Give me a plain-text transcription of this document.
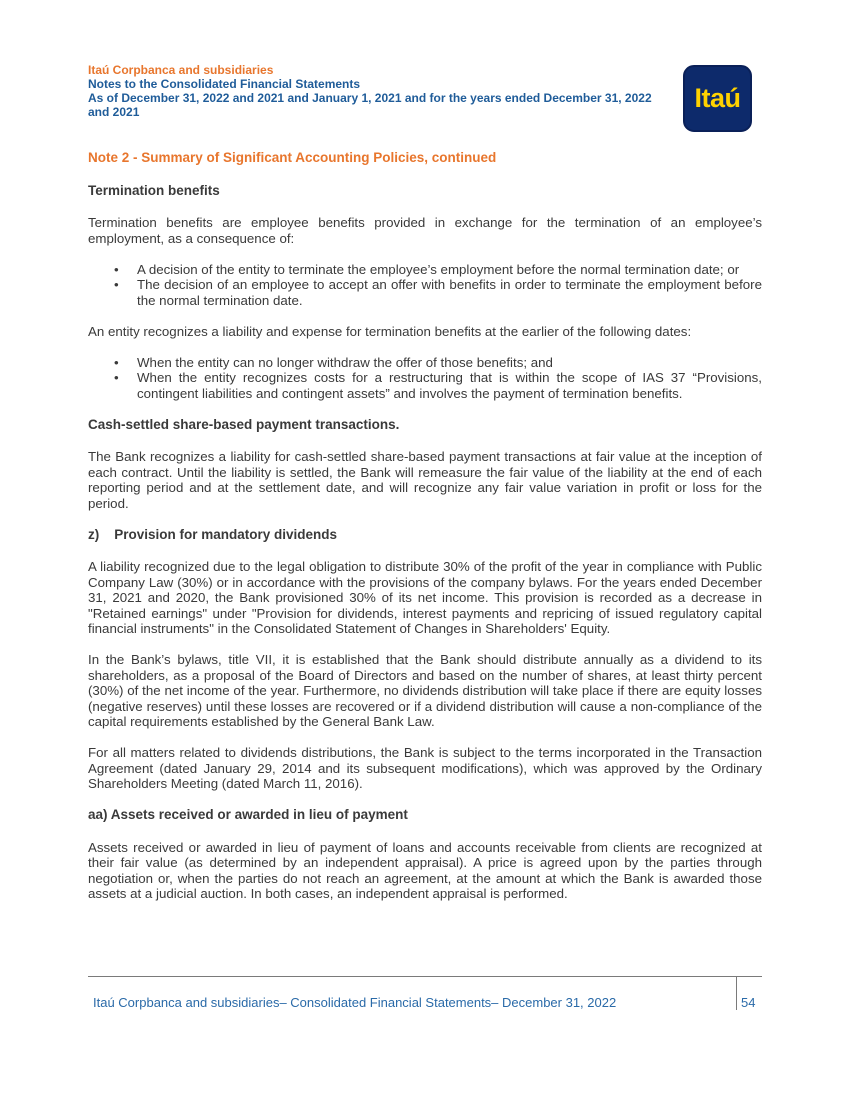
Itaú Corpbanca and subsidiaries
Notes to the Consolidated Financial Statements
As of December 31, 2022 and 2021 and January 1, 2021 and for the years ended December 31, 2022
and 2021	Itaú
Note 2 - Summary of Significant Accounting Policies, continued
Termination benefits

Termination benefits are employee benefits provided in exchange for the termination of an employee’s employment, as a consequence of:

• A decision of the entity to terminate the employee’s employment before the normal termination date; or
• The decision of an employee to accept an offer with benefits in order to terminate the employment before the normal termination date.

An entity recognizes a liability and expense for termination benefits at the earlier of the following dates:

• When the entity can no longer withdraw the offer of those benefits; and
• When the entity recognizes costs for a restructuring that is within the scope of IAS 37 “Provisions, contingent liabilities and contingent assets” and involves the payment of termination benefits.
Cash-settled share-based payment transactions.

The Bank recognizes a liability for cash-settled share-based payment transactions at fair value at the inception of each contract. Until the liability is settled, the Bank will remeasure the fair value of the liability at the end of each reporting period and at the settlement date, and will recognize any fair value variation in profit or loss for the period.

z)    Provision for mandatory dividends

A liability recognized due to the legal obligation to distribute 30% of the profit of the year in compliance with Public Company Law (30%) or in accordance with the provisions of the company bylaws. For the years ended December 31, 2021 and 2020, the Bank provisioned 30% of its net income. This provision is recorded as a decrease in "Retained earnings" under "Provision for dividends, interest payments and repricing of issued regulatory capital financial instruments" in the Consolidated Statement of Changes in Shareholders' Equity.

In the Bank’s bylaws, title VII, it is established that the Bank should distribute annually as a dividend to its shareholders, as a proposal of the Board of Directors and based on the number of shares, at least thirty percent (30%) of the net income of the year. Furthermore, no dividends distribution will take place if there are equity losses (negative reserves) until these losses are recovered or if a dividend distribution will cause a non-compliance of the capital requirements established by the General Bank Law.

For all matters related to dividends distributions, the Bank is subject to the terms incorporated in the Transaction Agreement (dated January 29, 2014 and its subsequent modifications), which was approved by the Ordinary Shareholders Meeting (dated March 11, 2016).

aa) Assets received or awarded in lieu of payment

Assets received or awarded in lieu of payment of loans and accounts receivable from clients are recognized at their fair value (as determined by an independent appraisal). A price is agreed upon by the parties through negotiation or, when the parties do not reach an agreement, at the amount at which the Bank is awarded those assets at a judicial auction. In both cases, an independent appraisal is performed.

Itaú Corpbanca and subsidiaries– Consolidated Financial Statements– December 31, 2022	54
